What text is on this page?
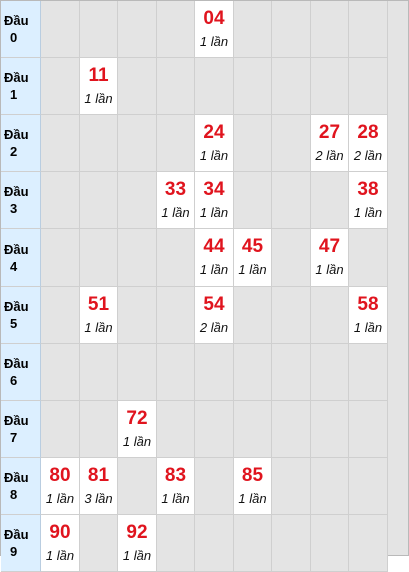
Đầu
0
04
1 lần
Đầu
1
11
1 lần
Đầu
2
24
1 lần
27
2 lần
28
2 lần
Đầu
3
33
1 lần
34
1 lần
38
1 lần
Đầu
4
44
1 lần
45
1 lần
47
1 lần
Đầu
5
51
1 lần
54
2 lần
58
1 lần
Đầu
6
Đầu
7
72
1 lần
Đầu
8
80
1 lần
81
3 lần
83
1 lần
85
1 lần
Đầu
9
90
1 lần
92
1 lần
